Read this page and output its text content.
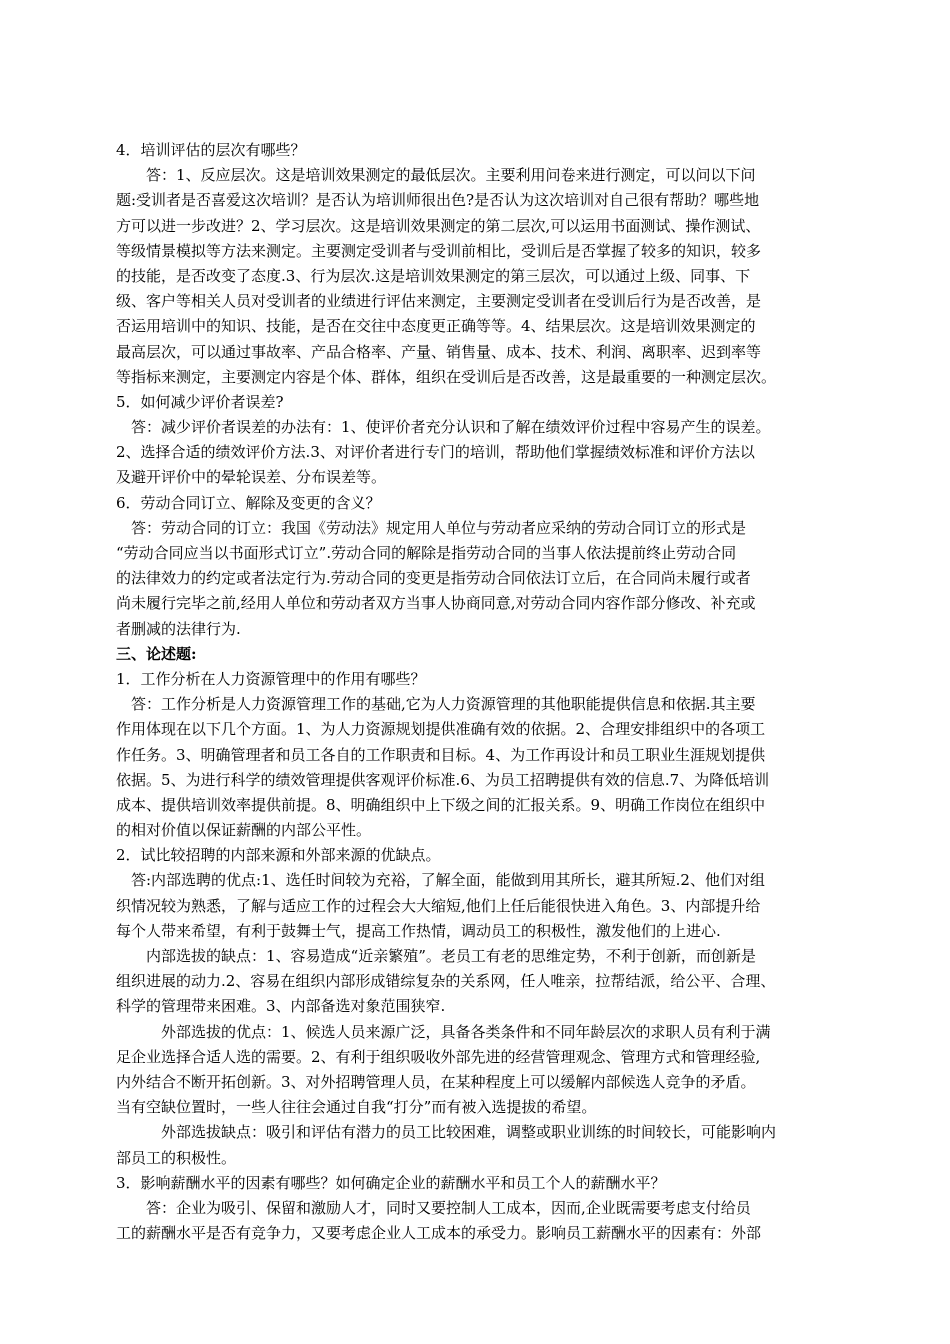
4．培训评估的层次有哪些？
　　答：1、反应层次。这是培训效果测定的最低层次。主要利用问卷来进行测定，可以问以下问
题:受训者是否喜爱这次培训？是否认为培训师很出色?是否认为这次培训对自己很有帮助？哪些地
方可以进一步改进？2、学习层次。这是培训效果测定的第二层次,可以运用书面测试、操作测试、
等级情景模拟等方法来测定。主要测定受训者与受训前相比，受训后是否掌握了较多的知识，较多
的技能，是否改变了态度.3、行为层次.这是培训效果测定的第三层次，可以通过上级、同事、下
级、客户等相关人员对受训者的业绩进行评估来测定，主要测定受训者在受训后行为是否改善，是
否运用培训中的知识、技能，是否在交往中态度更正确等等。4、结果层次。这是培训效果测定的
最高层次，可以通过事故率、产品合格率、产量、销售量、成本、技术、利润、离职率、迟到率等
等指标来测定，主要测定内容是个体、群体，组织在受训后是否改善，这是最重要的一种测定层次。
5．如何减少评价者误差?
　答：减少评价者误差的办法有：1、使评价者充分认识和了解在绩效评价过程中容易产生的误差。
2、选择合适的绩效评价方法.3、对评价者进行专门的培训，帮助他们掌握绩效标准和评价方法以
及避开评价中的晕轮误差、分布误差等。
6．劳动合同订立、解除及变更的含义？
　答：劳动合同的订立：我国《劳动法》规定用人单位与劳动者应采纳的劳动合同订立的形式是
“劳动合同应当以书面形式订立”.劳动合同的解除是指劳动合同的当事人依法提前终止劳动合同
的法律效力的约定或者法定行为.劳动合同的变更是指劳动合同依法订立后，在合同尚未履行或者
尚未履行完毕之前,经用人单位和劳动者双方当事人协商同意,对劳动合同内容作部分修改、补充或
者删减的法律行为.
三、论述题:
1．工作分析在人力资源管理中的作用有哪些？
　答：工作分析是人力资源管理工作的基础,它为人力资源管理的其他职能提供信息和依据.其主要
作用体现在以下几个方面。1、为人力资源规划提供准确有效的依据。2、合理安排组织中的各项工
作任务。3、明确管理者和员工各自的工作职责和目标。4、为工作再设计和员工职业生涯规划提供
依据。5、为进行科学的绩效管理提供客观评价标准.6、为员工招聘提供有效的信息.7、为降低培训
成本、提供培训效率提供前提。8、明确组织中上下级之间的汇报关系。9、明确工作岗位在组织中
的相对价值以保证薪酬的内部公平性。
2．试比较招聘的内部来源和外部来源的优缺点。
　答:内部选聘的优点:1、选任时间较为充裕，了解全面，能做到用其所长，避其所短.2、他们对组
织情况较为熟悉，了解与适应工作的过程会大大缩短,他们上任后能很快进入角色。3、内部提升给
每个人带来希望，有利于鼓舞士气，提高工作热情，调动员工的积极性，激发他们的上进心.
　　内部选拔的缺点：1、容易造成“近亲繁殖”。老员工有老的思维定势，不利于创新，而创新是
组织进展的动力.2、容易在组织内部形成错综复杂的关系网，任人唯亲，拉帮结派，给公平、合理、
科学的管理带来困难。3、内部备选对象范围狭窄.
　　　外部选拔的优点：1、候选人员来源广泛，具备各类条件和不同年龄层次的求职人员有利于满
足企业选择合适人选的需要。2、有利于组织吸收外部先进的经营管理观念、管理方式和管理经验,
内外结合不断开拓创新。3、对外招聘管理人员，在某种程度上可以缓解内部候选人竞争的矛盾。
当有空缺位置时，一些人往往会通过自我“打分”而有被入选提拔的希望。
　　　外部选拔缺点：吸引和评估有潜力的员工比较困难，调整或职业训练的时间较长，可能影响内
部员工的积极性。
3．影响薪酬水平的因素有哪些？如何确定企业的薪酬水平和员工个人的薪酬水平？
　　答：企业为吸引、保留和激励人才，同时又要控制人工成本，因而,企业既需要考虑支付给员
工的薪酬水平是否有竞争力，又要考虑企业人工成本的承受力。影响员工薪酬水平的因素有：外部
